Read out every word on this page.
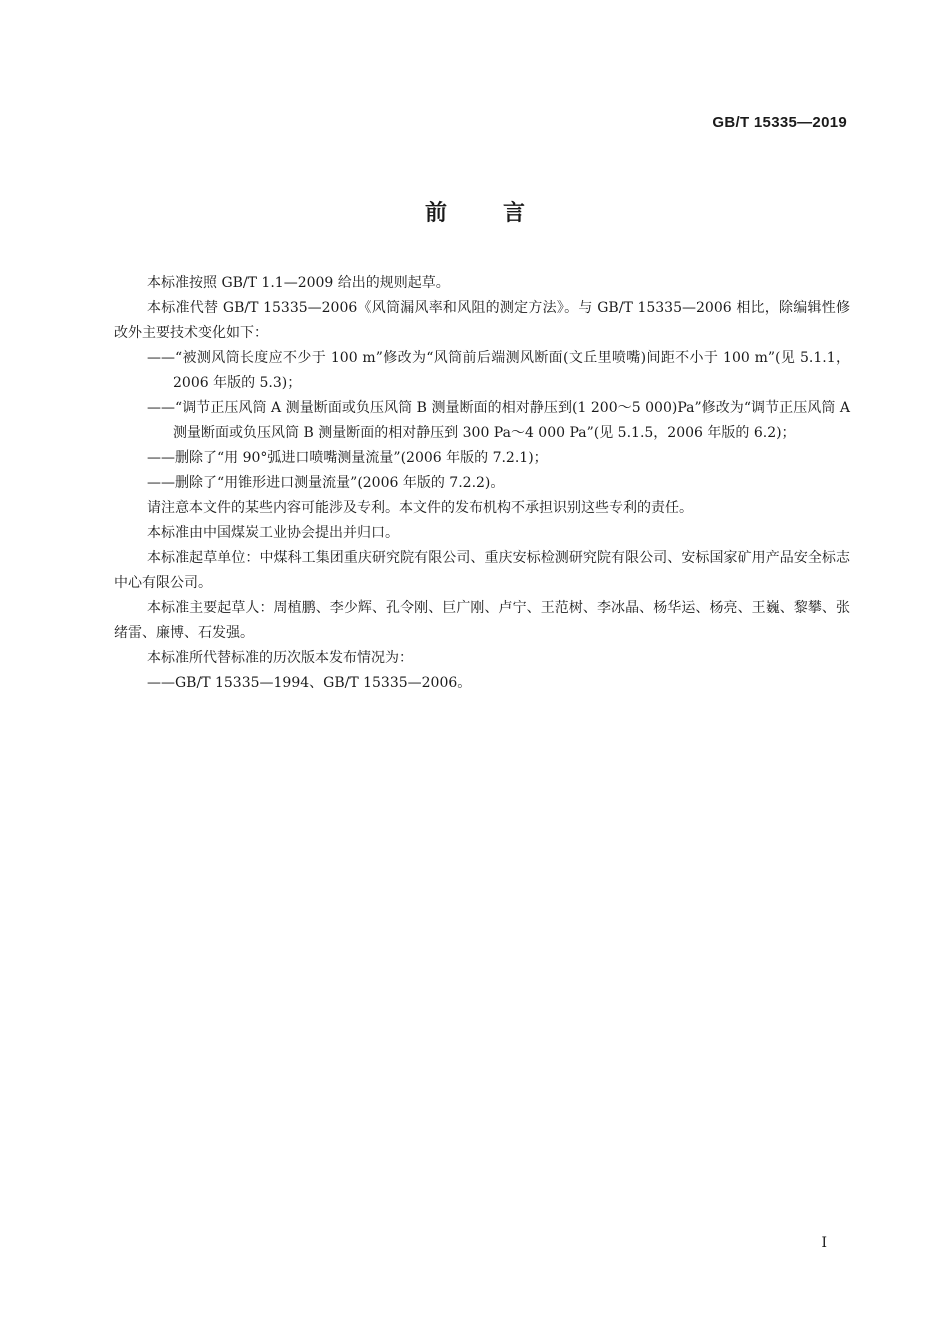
GB/T 15335—2019
前言

本标准按照 GB/T 1.1—2009 给出的规则起草。

本标准代替 GB/T 15335—2006《风筒漏风率和风阻的测定方法》。与 GB/T 15335—2006 相比，除编辑性修改外主要技术变化如下：

——“被测风筒长度应不少于 100 m”修改为“风筒前后端测风断面(文丘里喷嘴)间距不小于 100 m”(见 5.1.1，2006 年版的 5.3)；

——“调节正压风筒 A 测量断面或负压风筒 B 测量断面的相对静压到(1 200～5 000)Pa”修改为“调节正压风筒 A 测量断面或负压风筒 B 测量断面的相对静压到 300 Pa～4 000 Pa”(见 5.1.5，2006 年版的 6.2)；

——删除了“用 90°弧进口喷嘴测量流量”(2006 年版的 7.2.1)；

——删除了“用锥形进口测量流量”(2006 年版的 7.2.2)。

请注意本文件的某些内容可能涉及专利。本文件的发布机构不承担识别这些专利的责任。

本标准由中国煤炭工业协会提出并归口。

本标准起草单位：中煤科工集团重庆研究院有限公司、重庆安标检测研究院有限公司、安标国家矿用产品安全标志中心有限公司。

本标准主要起草人：周植鹏、李少辉、孔令刚、巨广刚、卢宁、王范树、李冰晶、杨华运、杨亮、王巍、黎攀、张绪雷、廉博、石发强。

本标准所代替标准的历次版本发布情况为：

——GB/T 15335—1994、GB/T 15335—2006。

I
